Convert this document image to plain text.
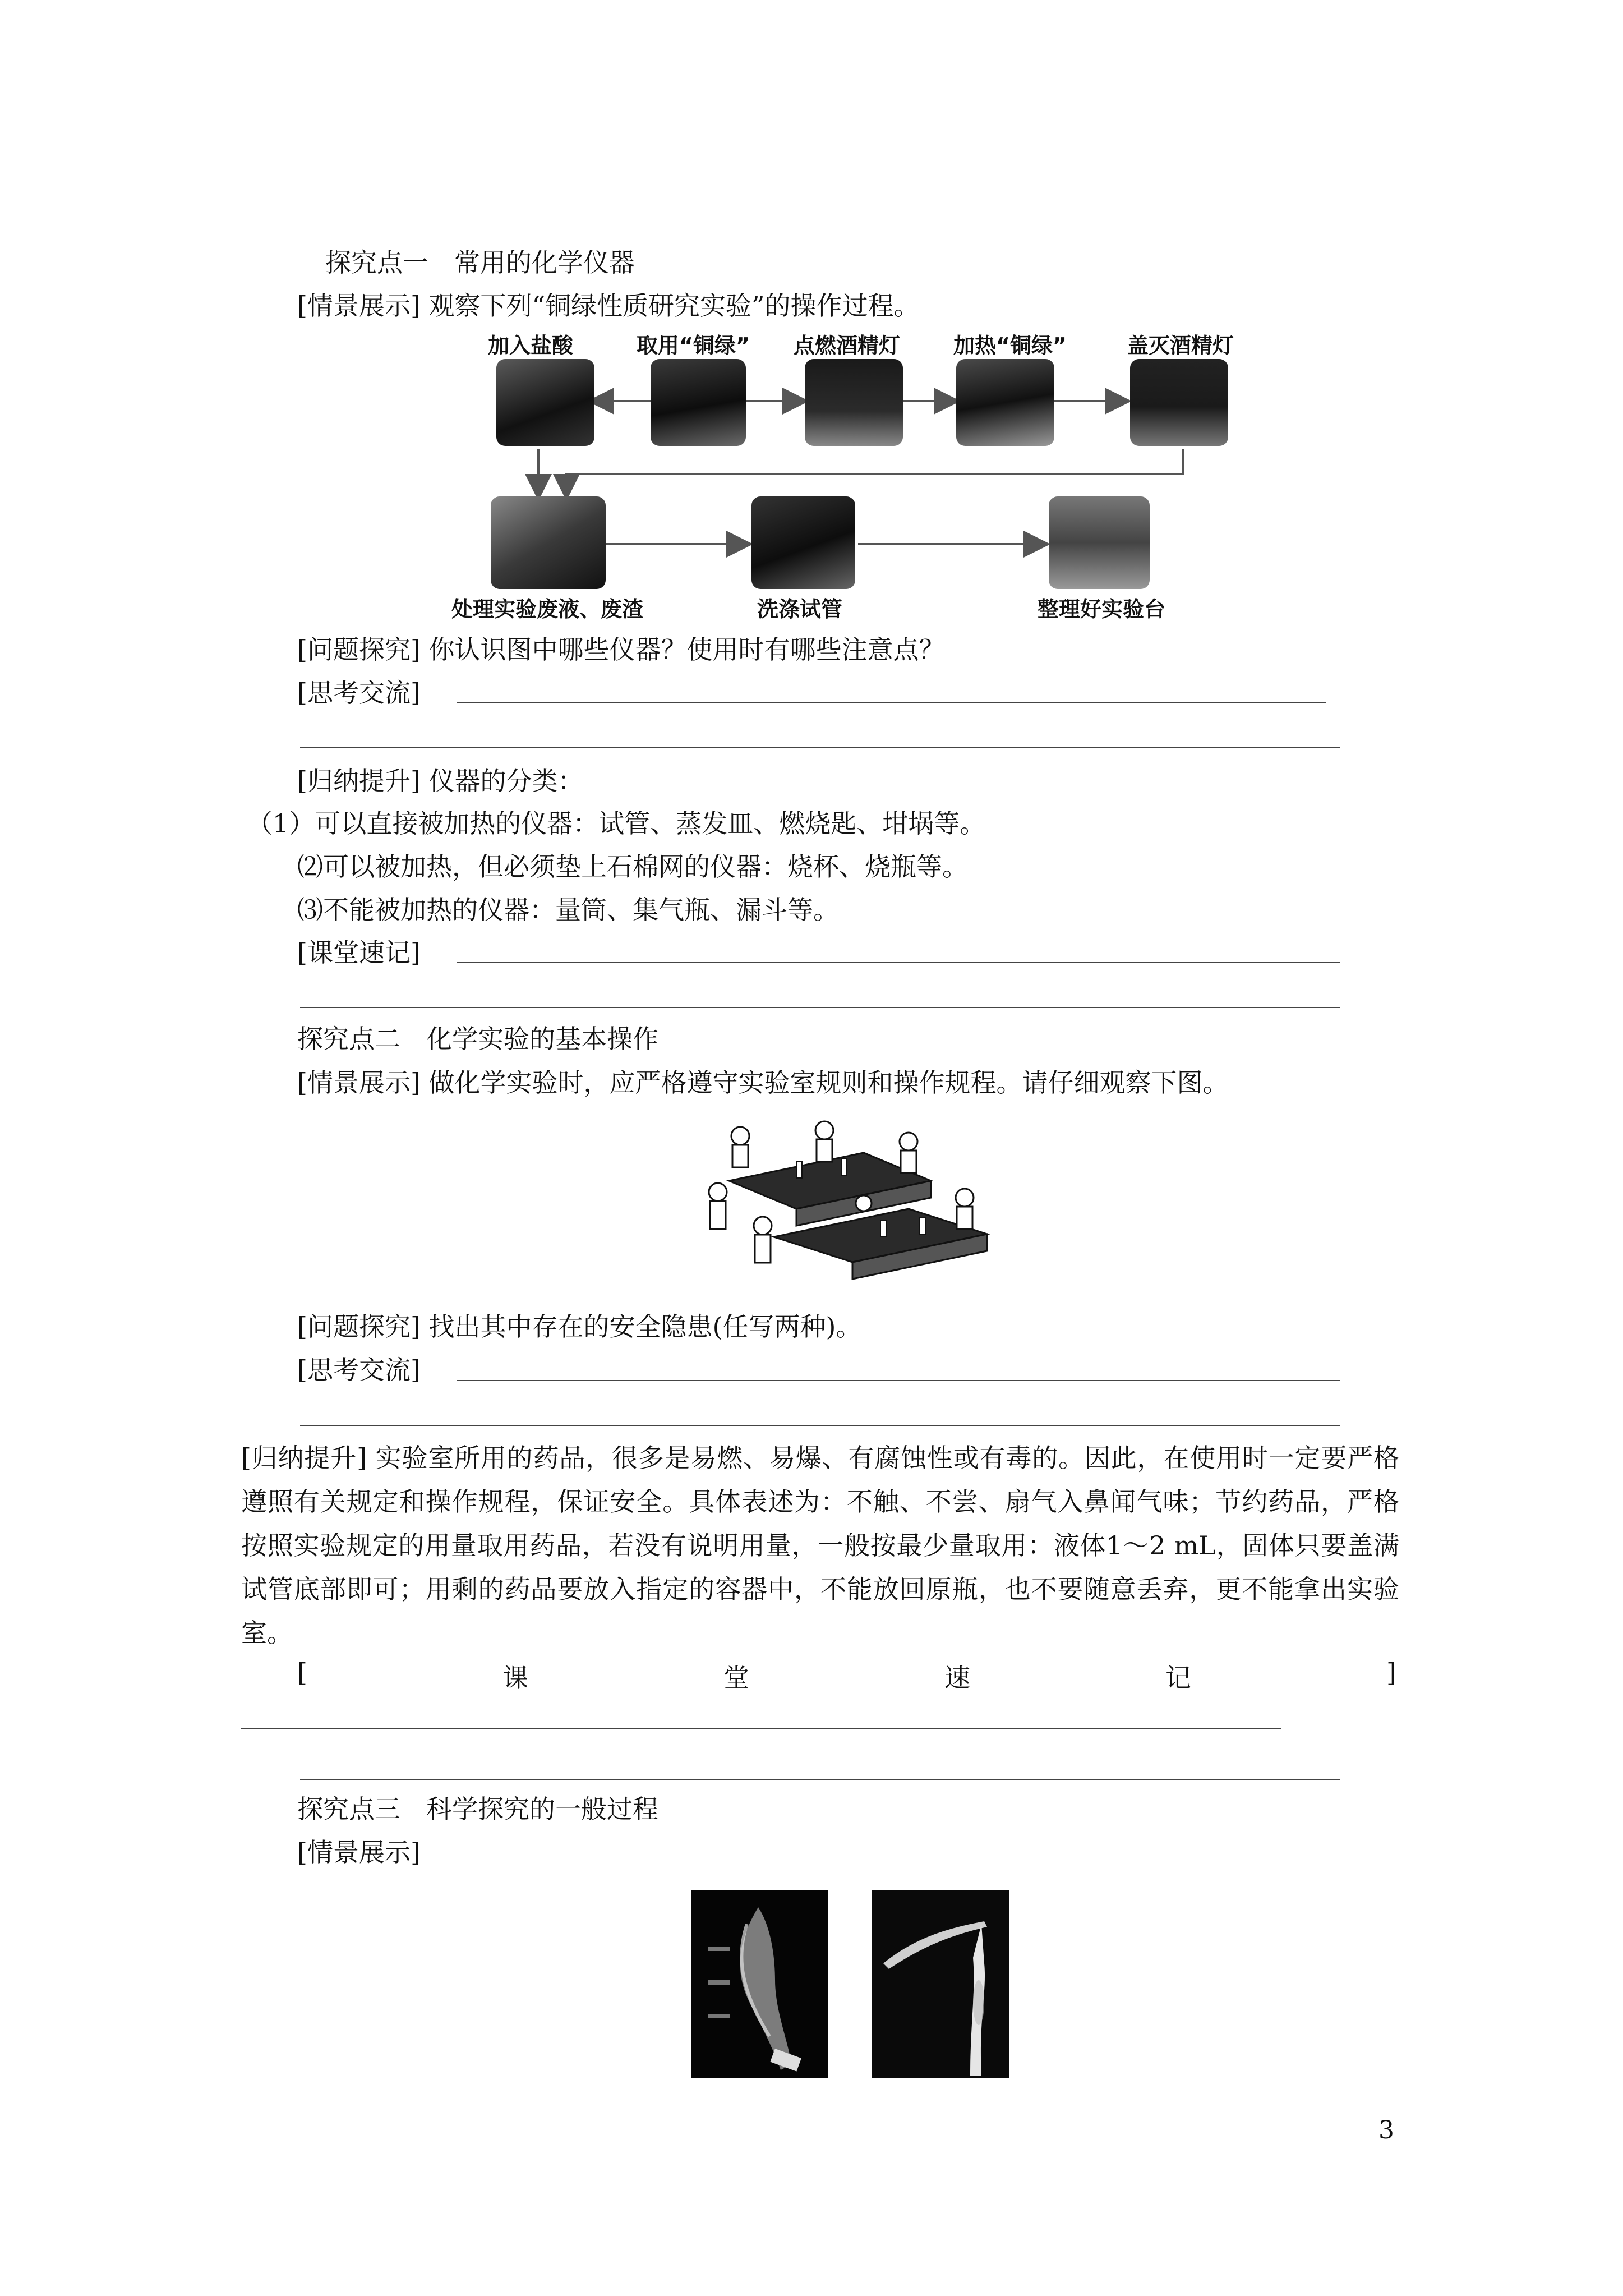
探究点一　常用的化学仪器
[情景展示] 观察下列“铜绿性质研究实验”的操作过程。
加入盐酸	取用“铜绿” 点燃酒精灯 加热“铜绿”	盖灭酒精灯
处理实验废液、废渣	洗涤试管	整理好实验台
[问题探究] 你认识图中哪些仪器？使用时有哪些注意点？
[思考交流]
[归纳提升] 仪器的分类：
（1）可以直接被加热的仪器：试管、蒸发皿、燃烧匙、坩埚等。
⑵可以被加热，但必须垫上石棉网的仪器：烧杯、烧瓶等。
⑶不能被加热的仪器：量筒、集气瓶、漏斗等。
[课堂速记]
探究点二　化学实验的基本操作
[情景展示] 做化学实验时，应严格遵守实验室规则和操作规程。请仔细观察下图。
[问题探究] 找出其中存在的安全隐患(任写两种)。
[思考交流]
[归纳提升] 实验室所用的药品，很多是易燃、易爆、有腐蚀性或有毒的。因此，在使用时一定要严格遵照有关规定和操作规程，保证安全。具体表述为：不触、不尝、扇气入鼻闻气味；节约药品，严格按照实验规定的用量取用药品，若没有说明用量，一般按最少量取用：液体1～2 mL，固体只要盖满试管底部即可；用剩的药品要放入指定的容器中，不能放回原瓶，也不要随意丢弃，更不能拿出实验室。
[	课	堂	速	记	]
探究点三　科学探究的一般过程
[情景展示]
3
